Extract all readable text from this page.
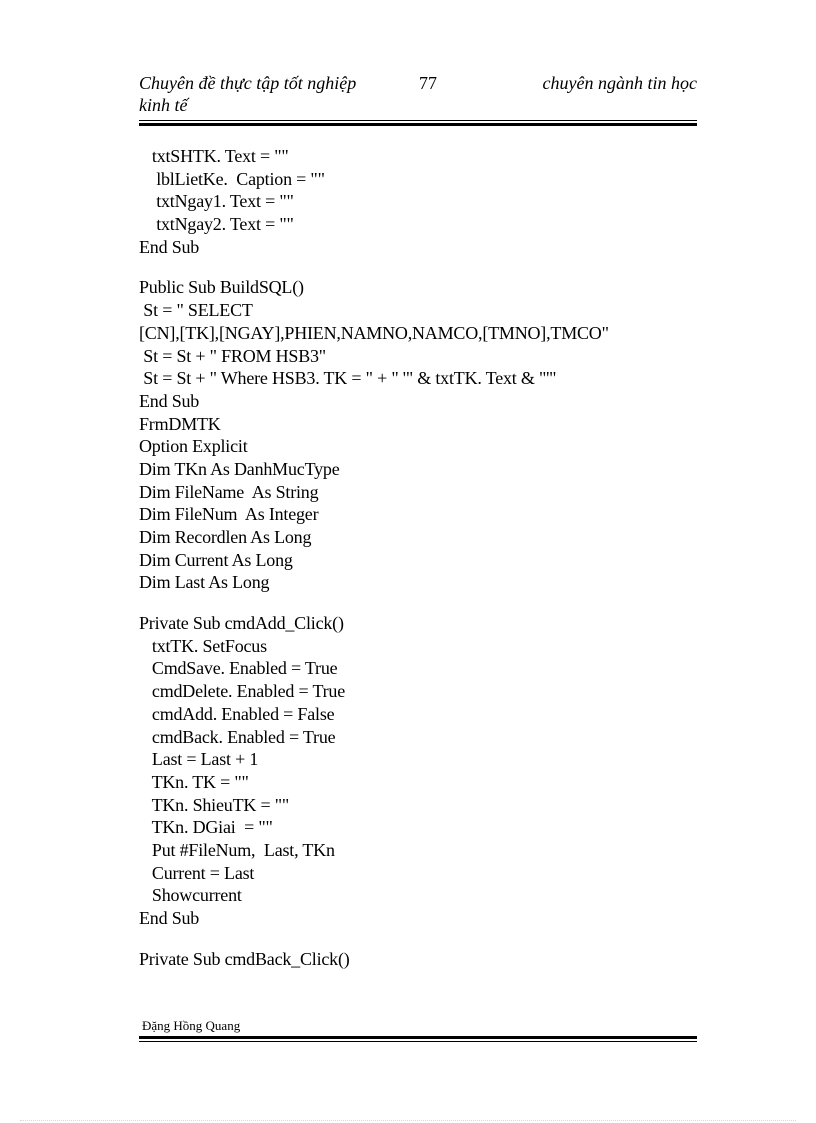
Chuyên đề thực tập tốt nghiệp
kinh tế
77	chuyên ngành tin học
txtSHTK. Text = ""
lblLietKe.  Caption = ""
txtNgay1. Text = ""
txtNgay2. Text = ""
End Sub
Public Sub BuildSQL()
St = " SELECT
[CN],[TK],[NGAY],PHIEN,NAMNO,NAMCO,[TMNO],TMCO"
St = St + " FROM HSB3"
St = St + " Where HSB3. TK = " + " '" & txtTK. Text & "'"
End Sub
FrmDMTK
Option Explicit
Dim TKn As DanhMucType
Dim FileName  As String
Dim FileNum  As Integer
Dim Recordlen As Long
Dim Current As Long
Dim Last As Long
Private Sub cmdAdd_Click()
txtTK. SetFocus
CmdSave. Enabled = True
cmdDelete. Enabled = True
cmdAdd. Enabled = False
cmdBack. Enabled = True
Last = Last + 1
TKn. TK = ""
TKn. ShieuTK = ""
TKn. DGiai  = ""
Put #FileNum,  Last, TKn
Current = Last
Showcurrent
End Sub
Private Sub cmdBack_Click()
Đặng Hồng Quang
